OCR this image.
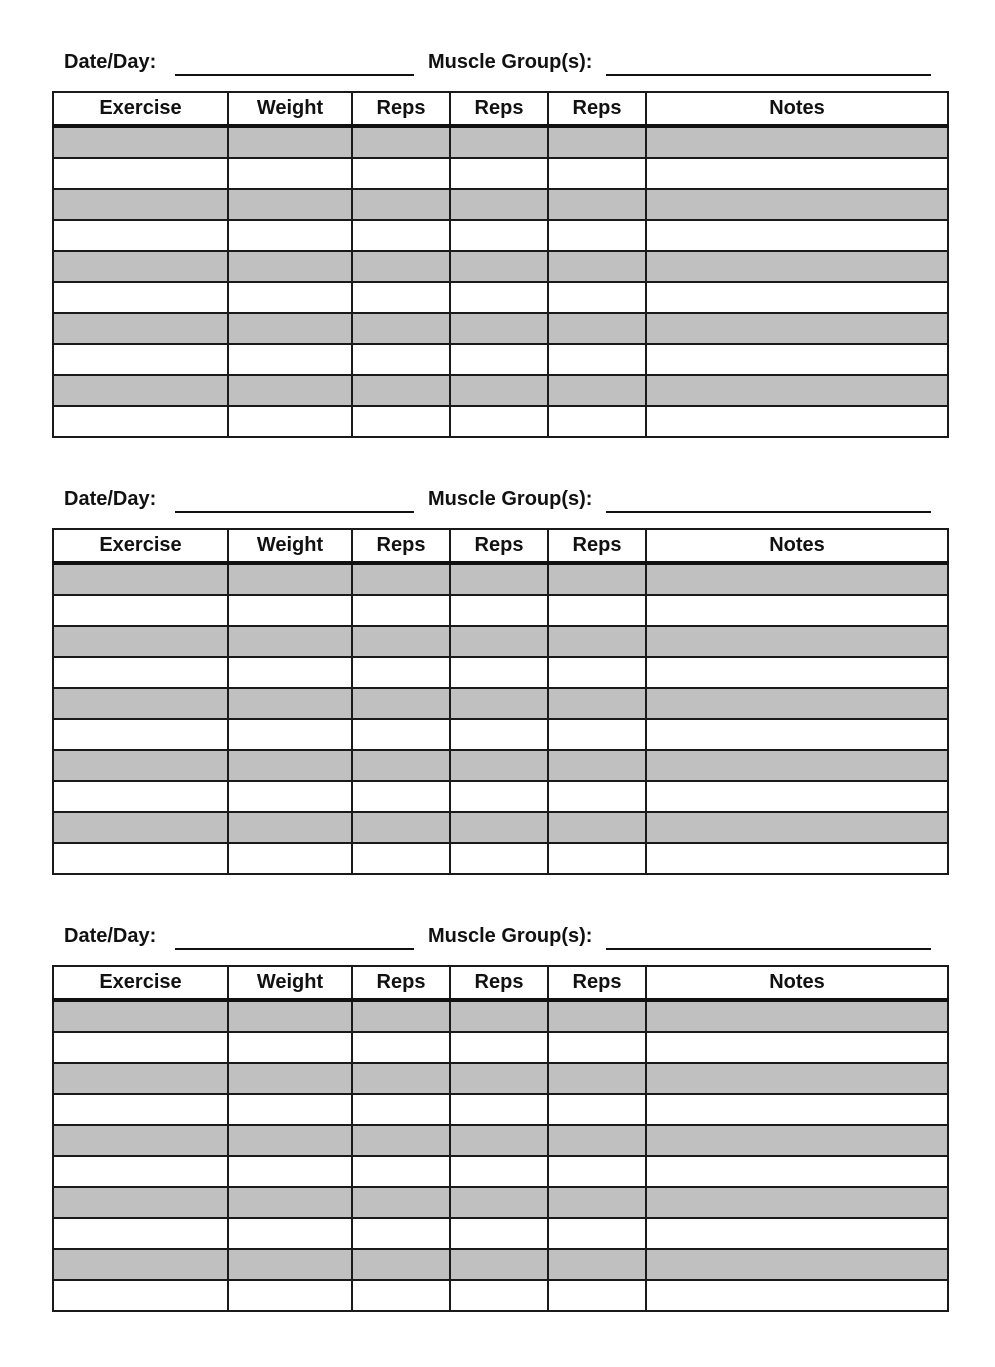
Date/Day:	Muscle Group(s):
Exercise	Weight	Reps	Reps	Reps	Notes

Date/Day:	Muscle Group(s):
Exercise	Weight	Reps	Reps	Reps	Notes

Date/Day:	Muscle Group(s):
Exercise	Weight	Reps	Reps	Reps	Notes
